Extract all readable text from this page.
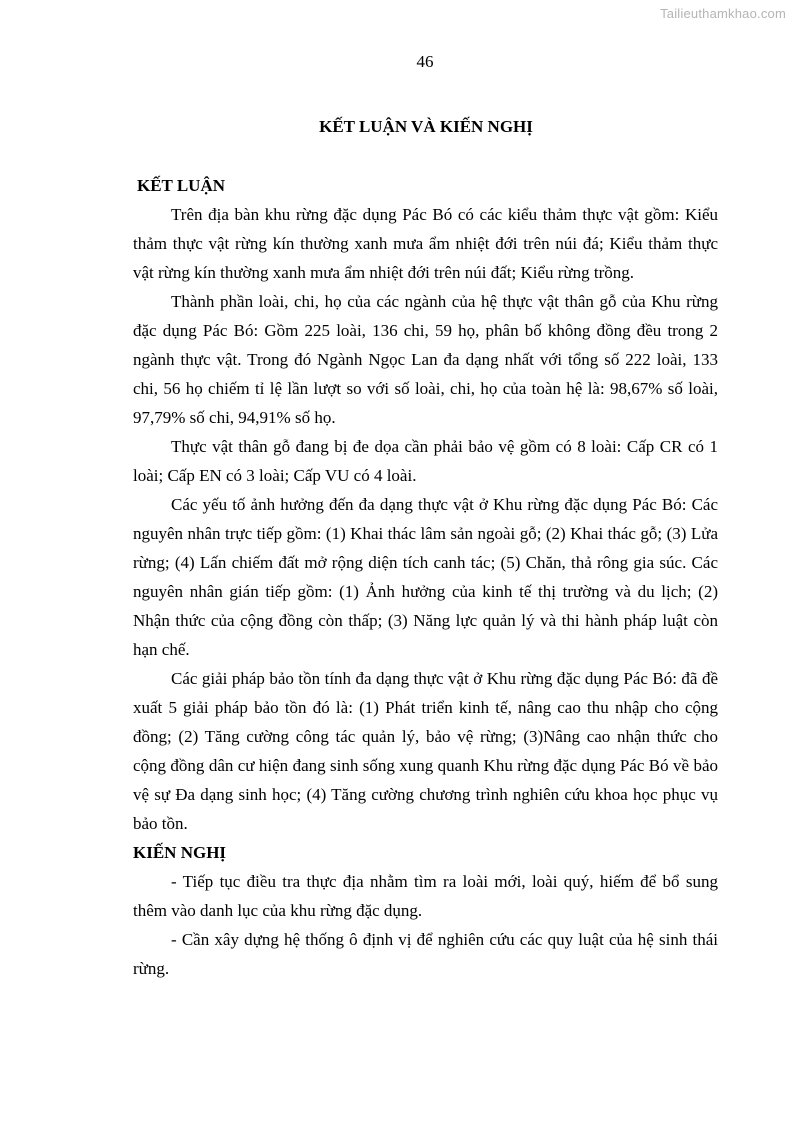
Tailieuthamkhao.com
46
KẾT LUẬN VÀ KIẾN NGHỊ

KẾT LUẬN

Trên địa bàn khu rừng đặc dụng Pác Bó có các kiểu thảm thực vật gồm: Kiểu thảm thực vật rừng kín thường xanh mưa ẩm nhiệt đới trên núi đá; Kiểu thảm thực vật rừng kín thường xanh mưa ẩm nhiệt đới trên núi đất; Kiểu rừng trồng.

Thành phần loài, chi, họ của các ngành của hệ thực vật thân gỗ của Khu rừng đặc dụng Pác Bó: Gồm 225 loài, 136 chi, 59 họ, phân bố không đồng đều trong 2 ngành thực vật. Trong đó Ngành Ngọc Lan đa dạng nhất với tổng số 222 loài, 133 chi, 56 họ chiếm tỉ lệ lần lượt so với số loài, chi, họ của toàn hệ là: 98,67% số loài, 97,79% số chi, 94,91% số họ.

Thực vật thân gỗ đang bị đe dọa cần phải bảo vệ gồm có 8 loài: Cấp CR có 1 loài; Cấp EN có 3 loài; Cấp VU có 4 loài.

Các yếu tố ảnh hưởng đến đa dạng thực vật ở Khu rừng đặc dụng Pác Bó: Các nguyên nhân trực tiếp gồm: (1) Khai thác lâm sản ngoài gỗ; (2) Khai thác gỗ; (3) Lửa rừng; (4) Lấn chiếm đất mở rộng diện tích canh tác; (5) Chăn, thả rông gia súc. Các nguyên nhân gián tiếp gồm: (1) Ảnh hưởng của kinh tế thị trường và du lịch; (2) Nhận thức của cộng đồng còn thấp; (3) Năng lực quản lý và thi hành pháp luật còn hạn chế.

Các giải pháp bảo tồn tính đa dạng thực vật ở Khu rừng đặc dụng Pác Bó: đã đề xuất 5 giải pháp bảo tồn đó là: (1) Phát triển kinh tế, nâng cao thu nhập cho cộng đồng; (2) Tăng cường công tác quản lý, bảo vệ rừng; (3)Nâng cao nhận thức cho cộng đồng dân cư hiện đang sinh sống xung quanh Khu rừng đặc dụng Pác Bó về bảo vệ sự Đa dạng sinh học; (4) Tăng cường chương trình nghiên cứu khoa học phục vụ bảo tồn.

KIẾN NGHỊ

- Tiếp tục điều tra thực địa nhằm tìm ra loài mới, loài quý, hiếm để bổ sung thêm vào danh lục của khu rừng đặc dụng.

- Cần xây dựng hệ thống ô định vị để nghiên cứu các quy luật của hệ sinh thái rừng.
